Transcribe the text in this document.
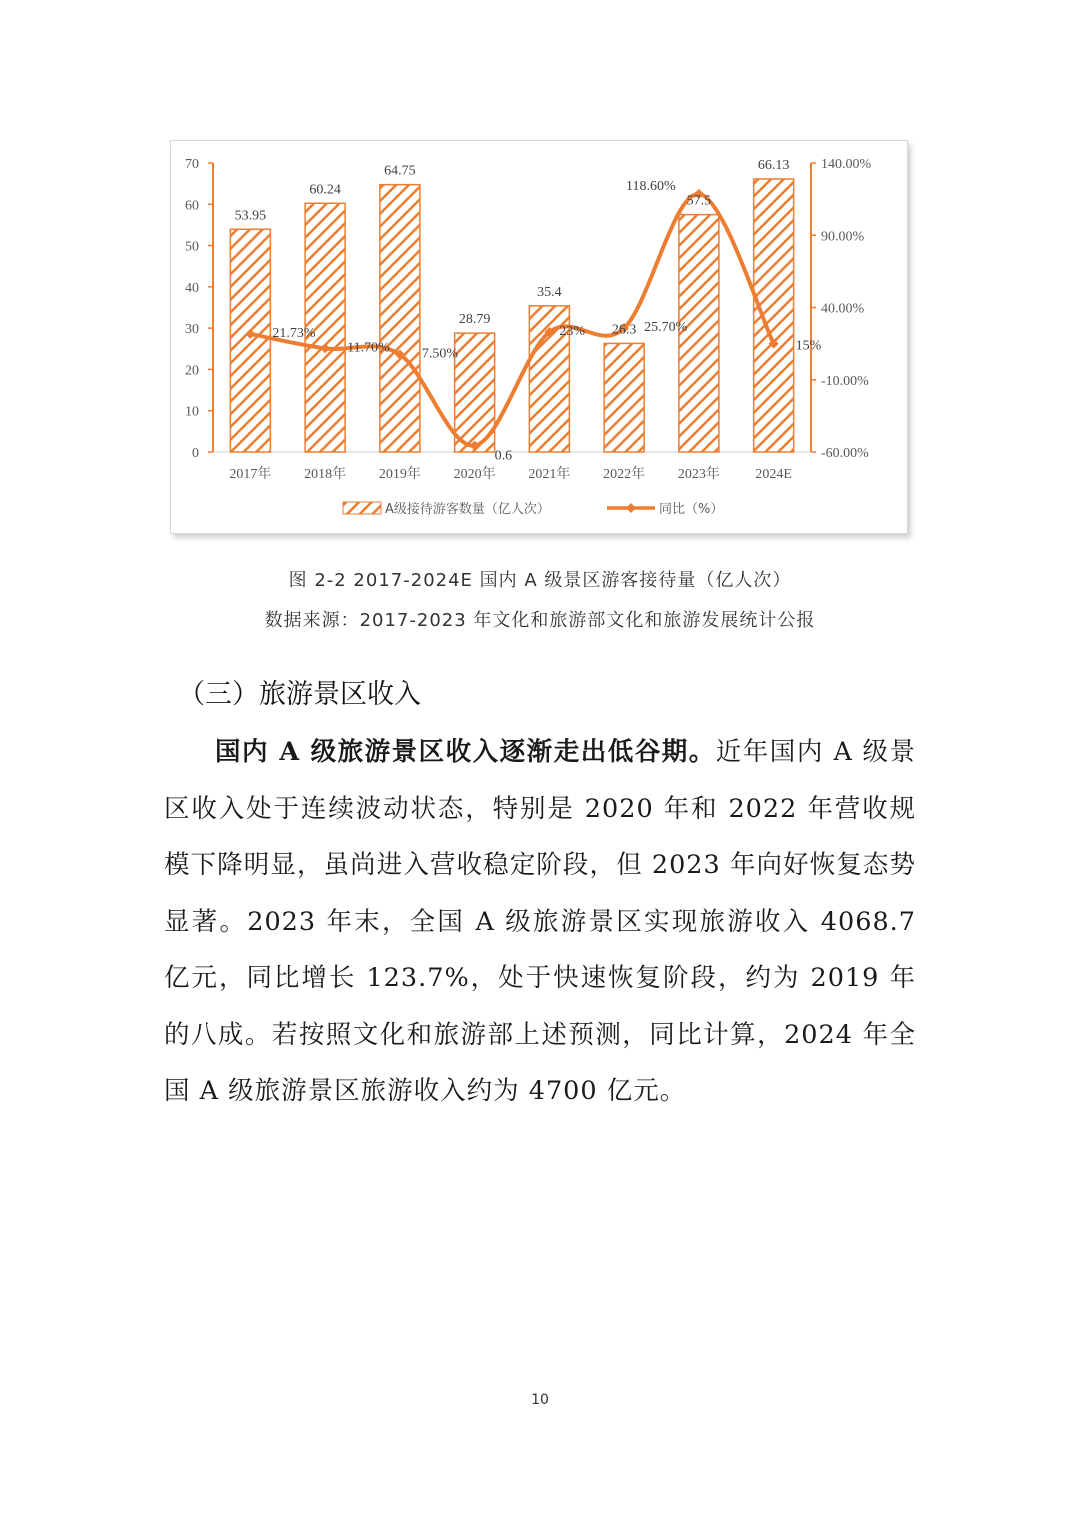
0
10
20
30
40
50
60
70
-60.00%
-10.00%
40.00%
90.00%
140.00%
2017年 2018年 2019年 2020年 2021年 2022年 2023年	2024E
53.95
60.24
64.75
28.79
35.4
26.3
57.5
66.13
21.73%
11.70% 7.50%
0.6
23%	25.70%
118.60%
15%
A级接待游客数量（亿人次）	同比（%）
图 2-2 2017-2024E 国内 A 级景区游客接待量（亿人次）
数据来源：2017-2023 年文化和旅游部文化和旅游发展统计公报
（三）旅游景区收入

国内 A 级旅游景区收入逐渐走出低谷期。近年国内 A 级景区收入处于连续波动状态，特别是 2020 年和 2022 年营收规模下降明显，虽尚进入营收稳定阶段，但 2023 年向好恢复态势显著。2023 年末，全国 A 级旅游景区实现旅游收入 4068.7 亿元，同比增长 123.7%，处于快速恢复阶段，约为 2019 年的八成。若按照文化和旅游部上述预测，同比计算，2024 年全国 A 级旅游景区旅游收入约为 4700 亿元。

10
